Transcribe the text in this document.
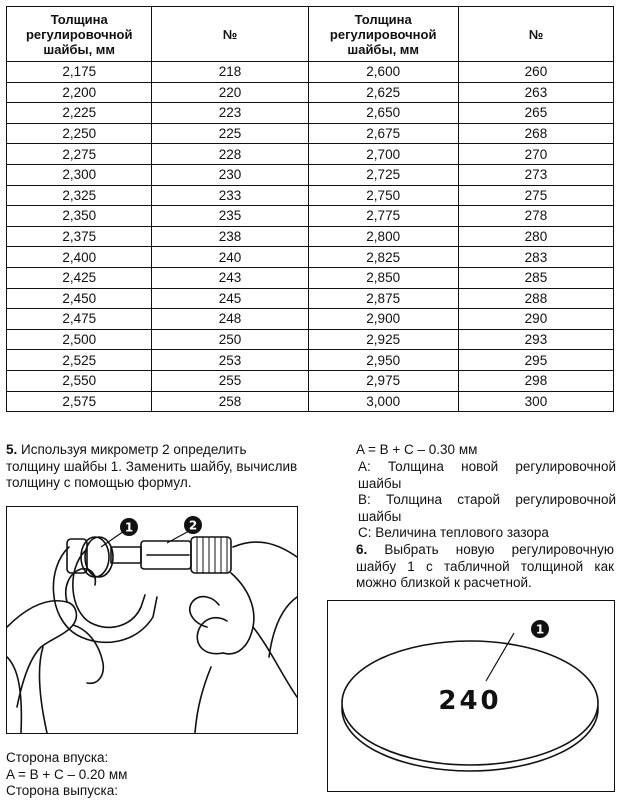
Толщина регулировочной шайбы, мм	№	Толщина регулировочной шайбы, мм	№
2,175	218	2,600	260
2,200	220	2,625	263
2,225	223	2,650	265
2,250	225	2,675	268
2,275	228	2,700	270
2,300	230	2,725	273
2,325	233	2,750	275
2,350	235	2,775	278
2,375	238	2,800	280
2,400	240	2,825	283
2,425	243	2,850	285
2,450	245	2,875	288
2,475	248	2,900	290
2,500	250	2,925	293
2,525	253	2,950	295
2,550	255	2,975	298
2,575	258	3,000	300
5. Используя микрометр 2 определить толщину шайбы 1. Заменить шайбу, вычислив толщину с помощью формул.
1	2
Сторона впуска:
A = B + C – 0.20 мм
Сторона выпуска:
A = B + C – 0.30 мм
A: Толщина новой регулировочной шайбы
B: Толщина старой регулировочной шайбы
C: Величина теплового зазора
6. Выбрать новую регулировочную шайбу 1 с табличной толщиной как можно близкой к расчетной.
1
240
